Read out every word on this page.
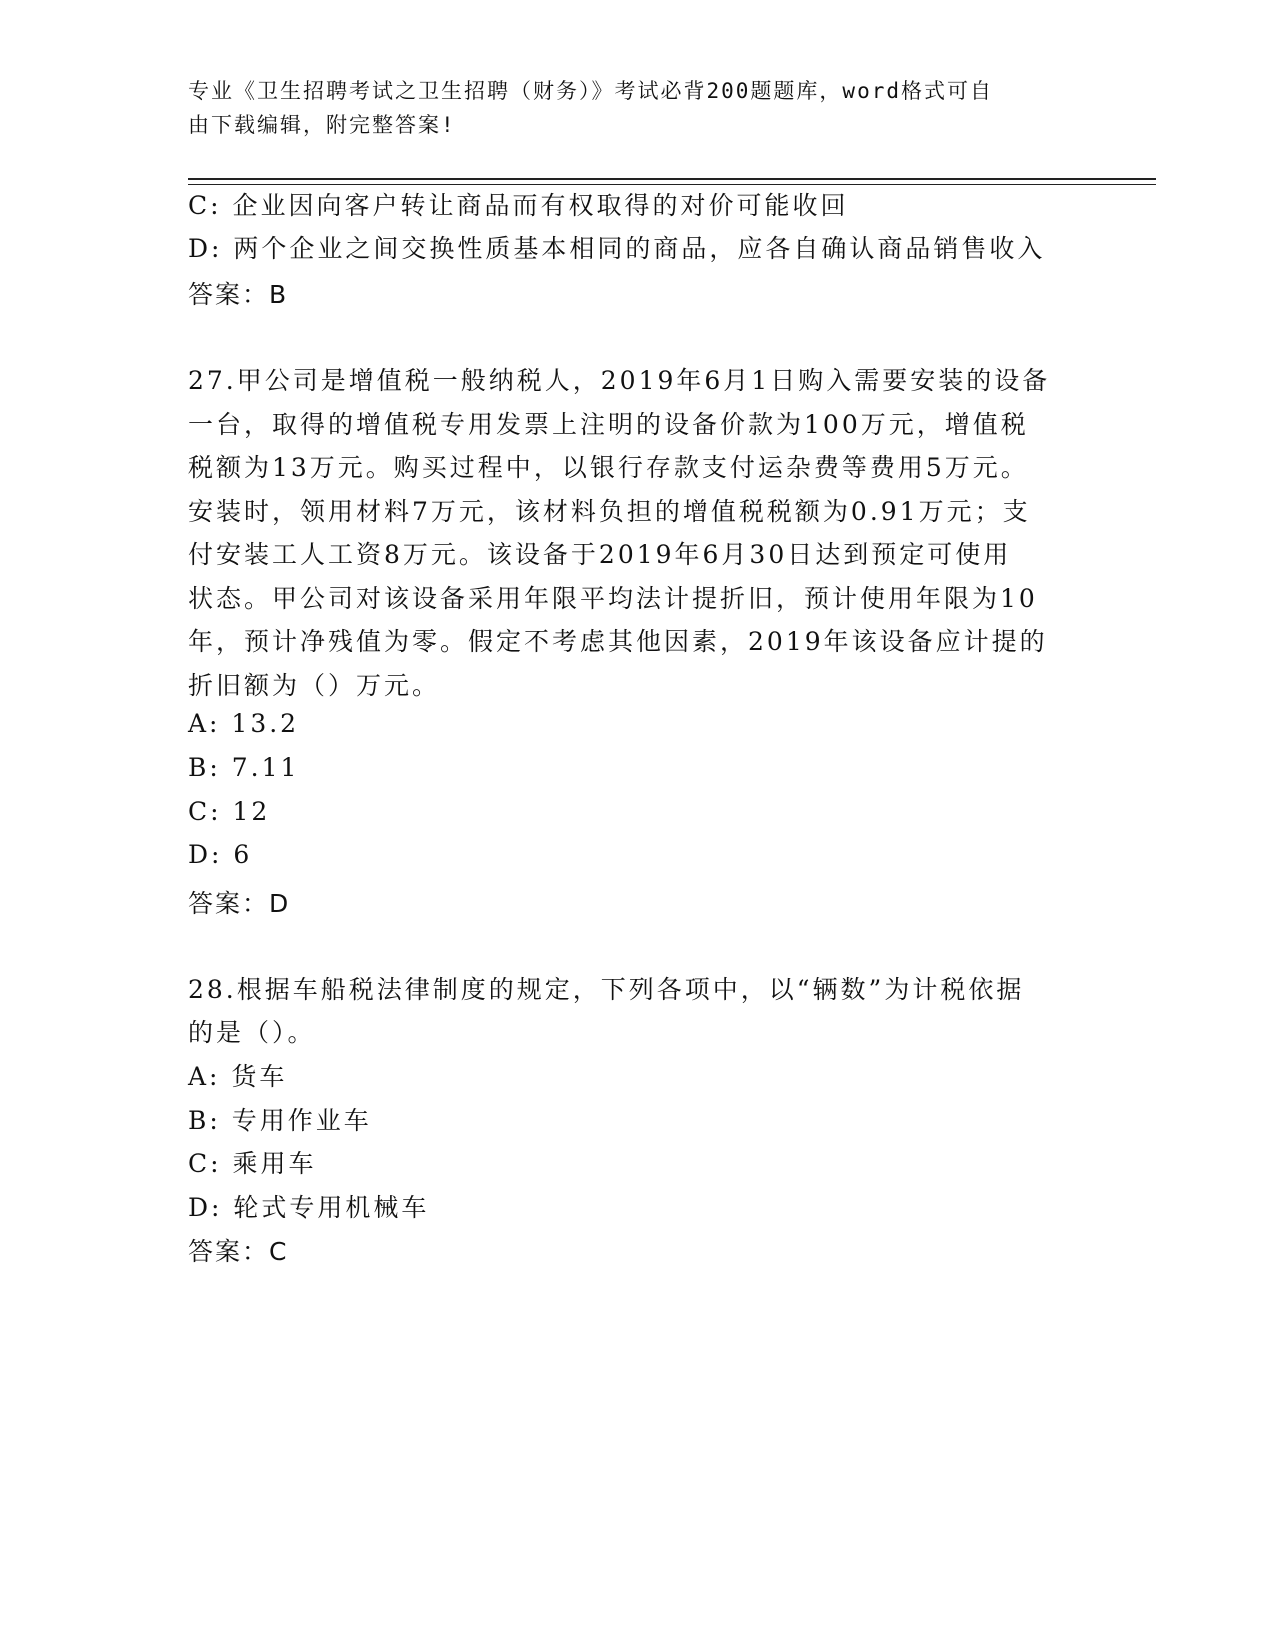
专业《卫生招聘考试之卫生招聘（财务）》考试必背200题题库，word格式可自
由下载编辑，附完整答案!
C: 企业因向客户转让商品而有权取得的对价可能收回
D: 两个企业之间交换性质基本相同的商品，应各自确认商品销售收入
答案：B
27.甲公司是增值税一般纳税人，2019年6月1日购入需要安装的设备
一台，取得的增值税专用发票上注明的设备价款为100万元，增值税
税额为13万元。购买过程中，以银行存款支付运杂费等费用5万元。
安装时，领用材料7万元，该材料负担的增值税税额为0.91万元；支
付安装工人工资8万元。该设备于2019年6月30日达到预定可使用
状态。甲公司对该设备采用年限平均法计提折旧，预计使用年限为10
年，预计净残值为零。假定不考虑其他因素，2019年该设备应计提的
折旧额为（）万元。
A: 13.2
B: 7.11
C: 12
D: 6
答案：D
28.根据车船税法律制度的规定，下列各项中，以“辆数”为计税依据
的是（）。
A: 货车
B: 专用作业车
C: 乘用车
D: 轮式专用机械车
答案：C
